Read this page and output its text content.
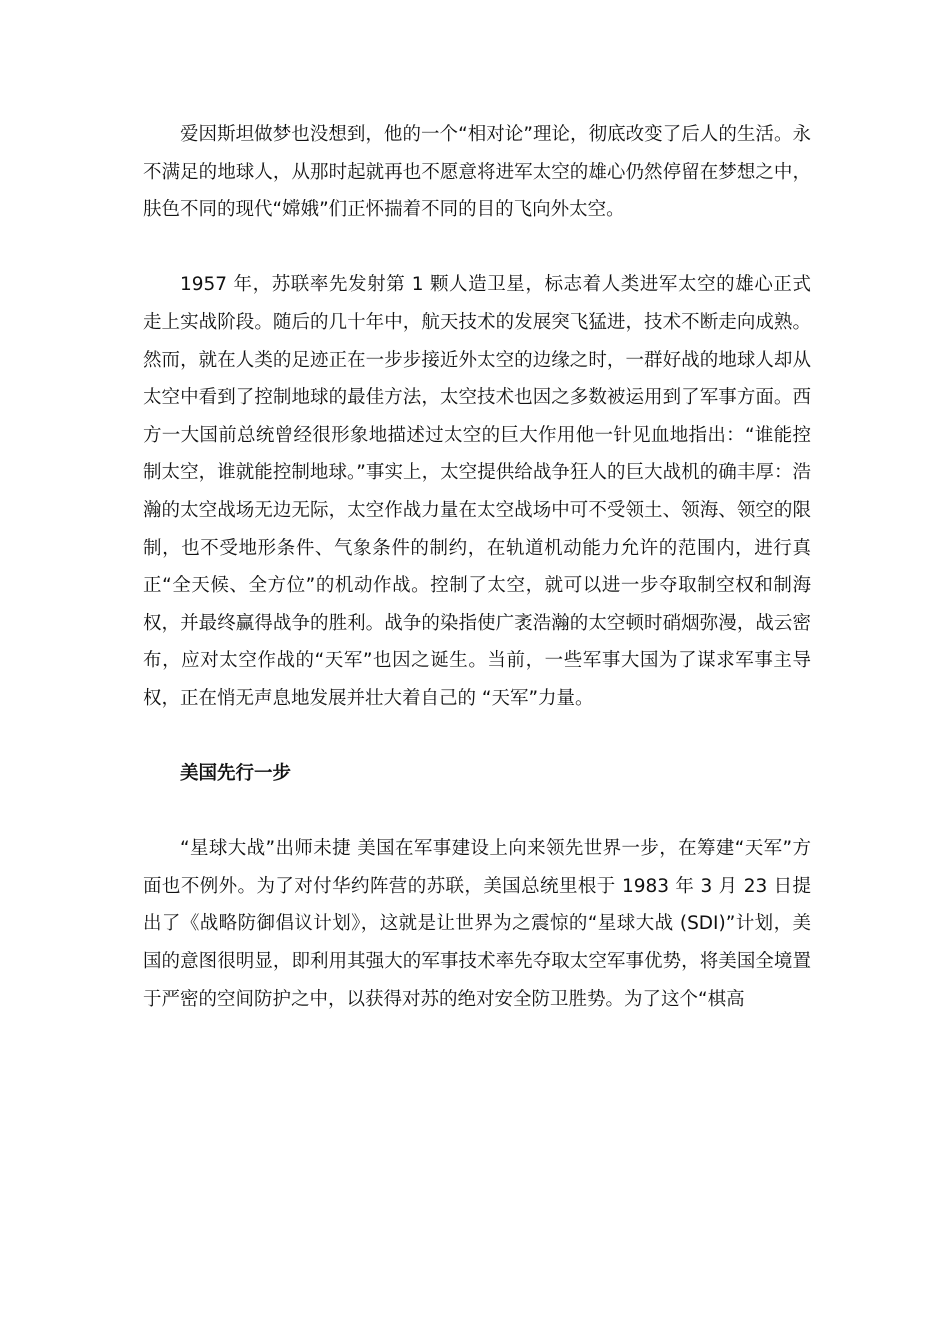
爱因斯坦做梦也没想到，他的一个“相对论”理论，彻底改变了后人的生活。永不满足的地球人，从那时起就再也不愿意将进军太空的雄心仍然停留在梦想之中，肤色不同的现代“嫦娥”们正怀揣着不同的目的飞向外太空。

1957 年，苏联率先发射第 1 颗人造卫星，标志着人类进军太空的雄心正式走上实战阶段。随后的几十年中，航天技术的发展突飞猛进，技术不断走向成熟。然而，就在人类的足迹正在一步步接近外太空的边缘之时，一群好战的地球人却从太空中看到了控制地球的最佳方法，太空技术也因之多数被运用到了军事方面。西方一大国前总统曾经很形象地描述过太空的巨大作用他一针见血地指出：“谁能控制太空，谁就能控制地球。”事实上，太空提供给战争狂人的巨大战机的确丰厚：浩瀚的太空战场无边无际，太空作战力量在太空战场中可不受领土、领海、领空的限制，也不受地形条件、气象条件的制约，在轨道机动能力允许的范围内，进行真正“全天候、全方位”的机动作战。控制了太空，就可以进一步夺取制空权和制海权，并最终赢得战争的胜利。战争的染指使广袤浩瀚的太空顿时硝烟弥漫，战云密布，应对太空作战的“天军”也因之诞生。当前，一些军事大国为了谋求军事主导权，正在悄无声息地发展并壮大着自己的 “天军”力量。

美国先行一步

“星球大战”出师未捷 美国在军事建设上向来领先世界一步，在筹建“天军”方面也不例外。为了对付华约阵营的苏联，美国总统里根于 1983 年 3 月 23 日提出了《战略防御倡议计划》，这就是让世界为之震惊的“星球大战 (SDI)”计划，美国的意图很明显，即利用其强大的军事技术率先夺取太空军事优势，将美国全境置于严密的空间防护之中，以获得对苏的绝对安全防卫胜势。为了这个“棋高
